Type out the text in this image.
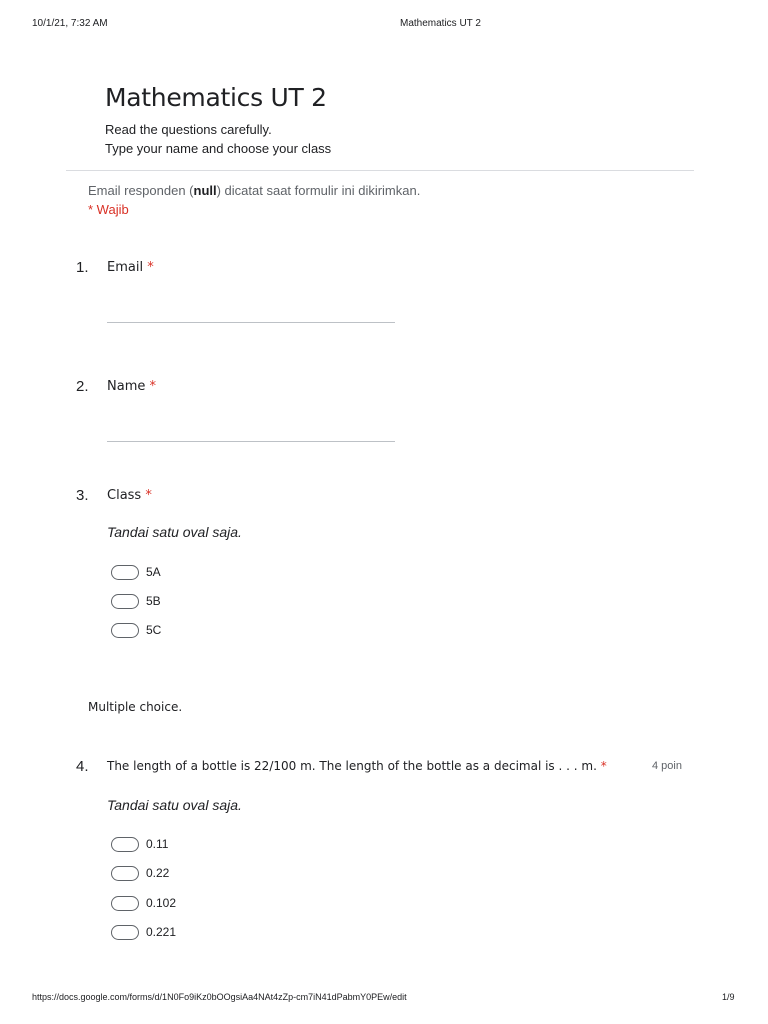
10/1/21, 7:32 AM	Mathematics UT 2
Mathematics UT 2
Read the questions carefully.
Type your name and choose your class
Email responden (null) dicatat saat formulir ini dikirimkan.
* Wajib
1. Email *
2. Name *
3. Class *
Tandai satu oval saja.
5A
5B
5C
Multiple choice.
4. The length of a bottle is 22/100 m. The length of the bottle as a decimal is . . . m. *	4 poin
Tandai satu oval saja.
0.11
0.22
0.102
0.221
https://docs.google.com/forms/d/1N0Fo9iKz0bOOgsiAa4NAt4zZp-cm7iN41dPabmY0PEw/edit	1/9
